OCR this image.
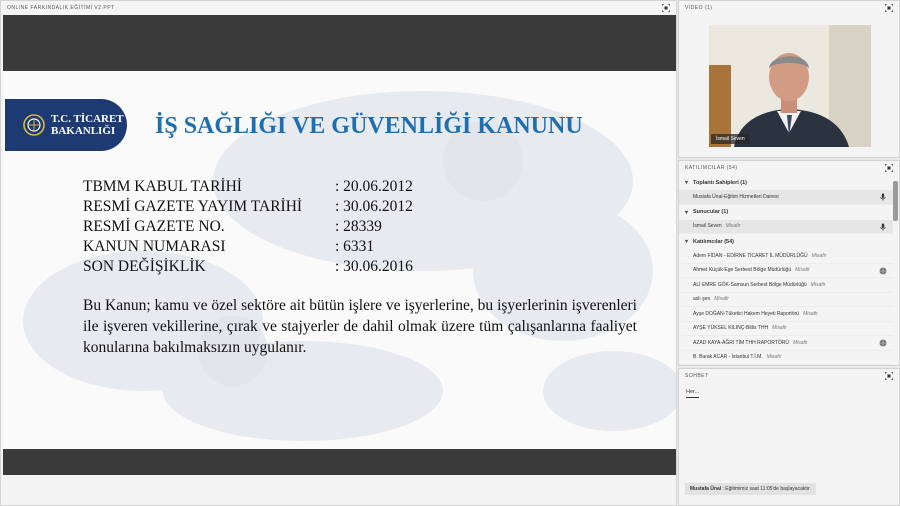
ONLINE FARKINDALIK EĞİTİMİ V2.PPT
T.C. TİCARET
BAKANLIĞI	İŞ SAĞLIĞI VE GÜVENLİĞİ KANUNU
TBMM KABUL TARİHİ	: 20.06.2012
RESMİ GAZETE YAYIM TARİHİ	: 30.06.2012
RESMİ GAZETE NO.	: 28339
KANUN NUMARASI	: 6331
SON DEĞİŞİKLİK	: 30.06.2016
Bu Kanun; kamu ve özel sektöre ait bütün işlere ve işyerlerine, bu işyerlerinin işverenleri ile işveren vekillerine, çırak ve stajyerler de dahil olmak üzere tüm çalışanlarına faaliyet konularına bakılmaksızın uygulanır.
VİDEO (1)
İsmail Seven
KATILIMCILAR (54)
▾ Toplantı Sahipleri (1)
Mustafa Ünal-Eğitim Hizmetleri Dairesi
▾ Sunucular (1)
İsmail Seven Misafir
▾ Katılımcılar (54)
Adem FİDAN - EDİRNE TİCARET İL MÜDÜRLÜĞÜ Misafir
Ahmet Küçük-Ege Serbest Bölge Müdürlüğü Misafir
ALİ EMRE GÖK-Samsun Serbest Bölge Müdürlüğü Misafir
aslı şen Misafir
Ayşe DOĞAN-Tüketici Hakem Heyeti Raportörü Misafir
AYŞE YÜKSEL KILINÇ-Bitlis THH Misafir
AZAD KAYA-AĞRI TİM THH RAPORTÖRÜ Misafir
B. Burak ACAR - İstanbul T.İ.M. Misafir
SOHBET
Her...
Mustafa Ünal : Eğitimimiz saat 11:05'de başlayacaktır.
